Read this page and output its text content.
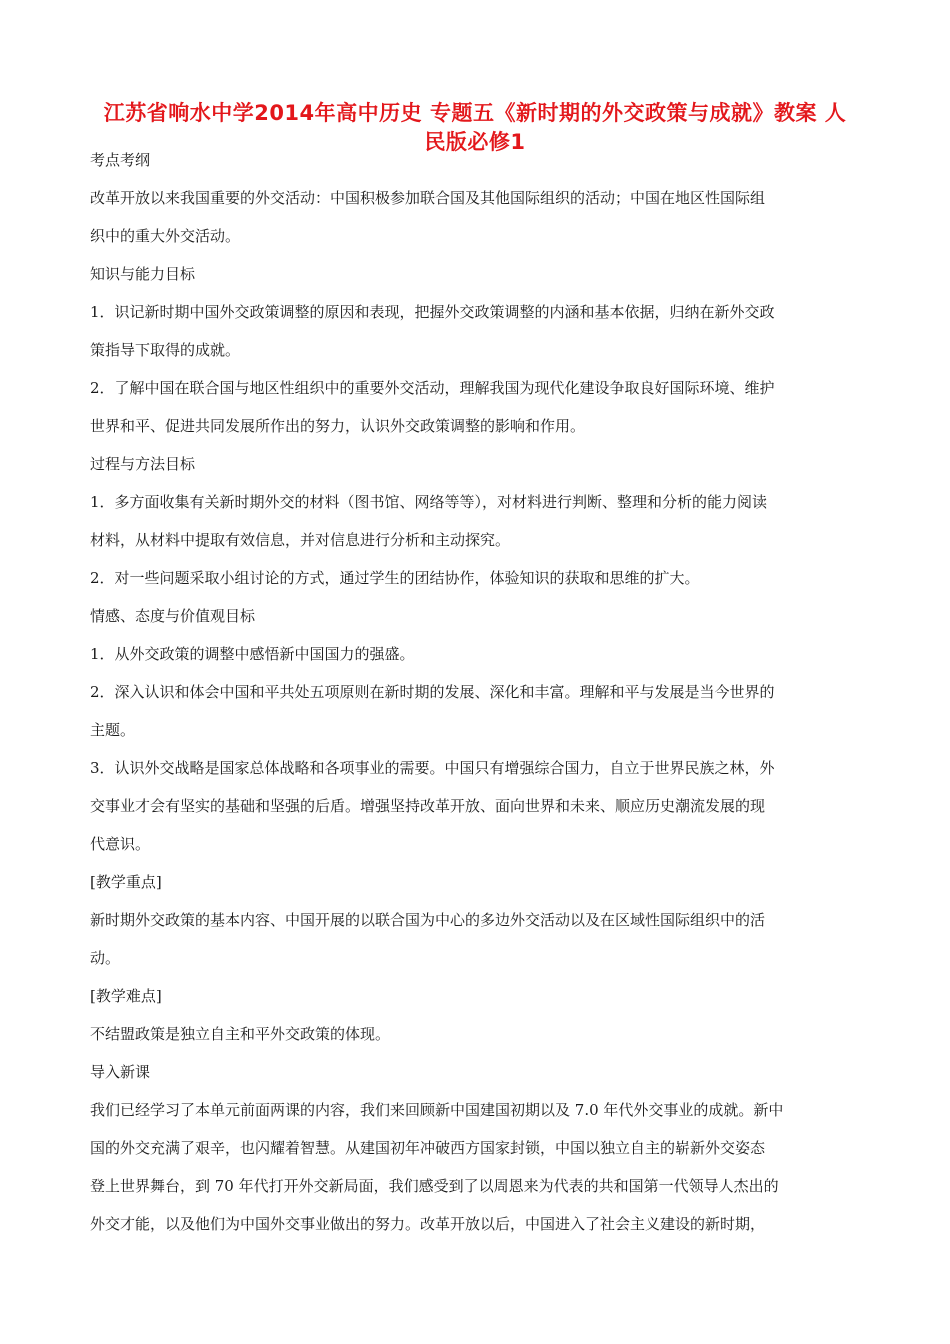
江苏省响水中学2014年高中历史 专题五《新时期的外交政策与成就》教案 人
民版必修1
考点考纲
改革开放以来我国重要的外交活动：中国积极参加联合国及其他国际组织的活动；中国在地区性国际组
织中的重大外交活动。
知识与能力目标
1．识记新时期中国外交政策调整的原因和表现，把握外交政策调整的内涵和基本依据，归纳在新外交政
策指导下取得的成就。
2．了解中国在联合国与地区性组织中的重要外交活动，理解我国为现代化建设争取良好国际环境、维护
世界和平、促进共同发展所作出的努力，认识外交政策调整的影响和作用。
过程与方法目标
1．多方面收集有关新时期外交的材料（图书馆、网络等等），对材料进行判断、整理和分析的能力阅读
材料，从材料中提取有效信息，并对信息进行分析和主动探究。
2．对一些问题采取小组讨论的方式，通过学生的团结协作，体验知识的获取和思维的扩大。
情感、态度与价值观目标
1．从外交政策的调整中感悟新中国国力的强盛。
2．深入认识和体会中国和平共处五项原则在新时期的发展、深化和丰富。理解和平与发展是当今世界的
主题。
3．认识外交战略是国家总体战略和各项事业的需要。中国只有增强综合国力，自立于世界民族之林，外
交事业才会有坚实的基础和坚强的后盾。增强坚持改革开放、面向世界和未来、顺应历史潮流发展的现
代意识。
[教学重点]
新时期外交政策的基本内容、中国开展的以联合国为中心的多边外交活动以及在区域性国际组织中的活
动。
[教学难点]
不结盟政策是独立自主和平外交政策的体现。
导入新课
我们已经学习了本单元前面两课的内容，我们来回顾新中国建国初期以及 7.0 年代外交事业的成就。新中
国的外交充满了艰辛，也闪耀着智慧。从建国初年冲破西方国家封锁，中国以独立自主的崭新外交姿态
登上世界舞台，到 70 年代打开外交新局面，我们感受到了以周恩来为代表的共和国第一代领导人杰出的
外交才能，以及他们为中国外交事业做出的努力。改革开放以后，中国进入了社会主义建设的新时期，
